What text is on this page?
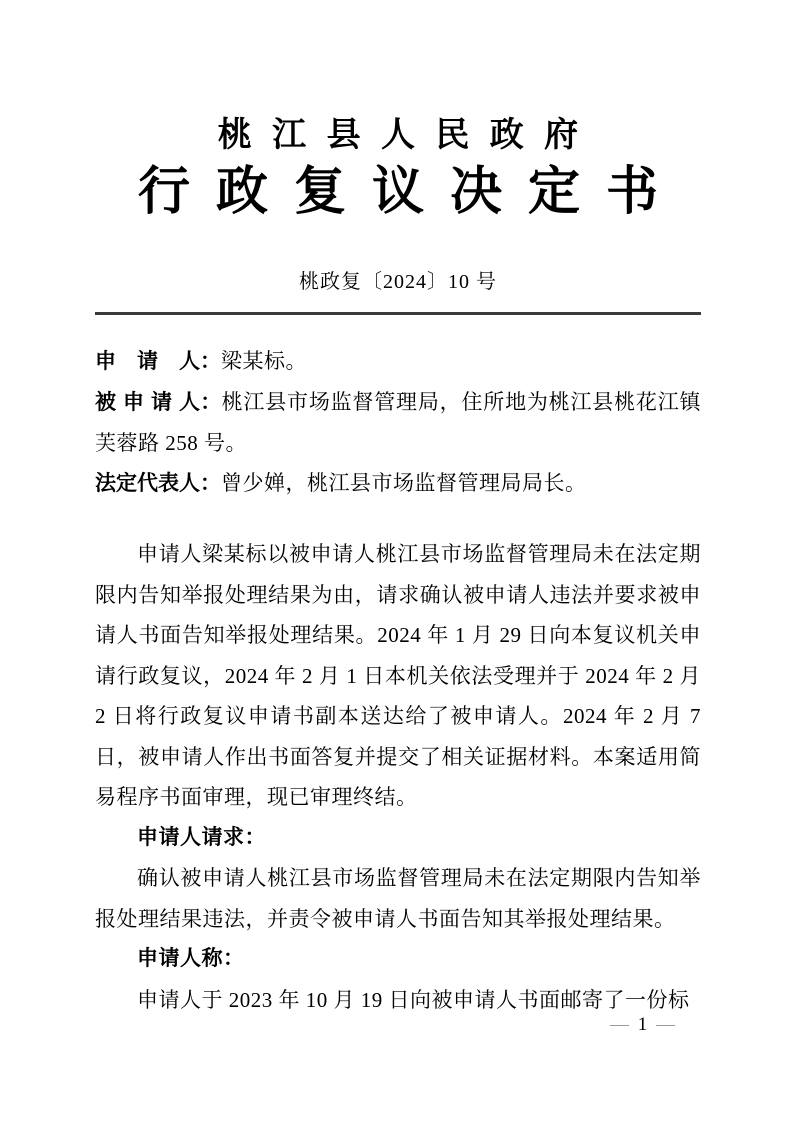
桃江县人民政府
行政复议决定书
桃政复〔2024〕10 号

申请人：梁某标。

被申请人：桃江县市场监督管理局，住所地为桃江县桃花江镇芙蓉路 258 号。

法定代表人：曾少婵，桃江县市场监督管理局局长。

申请人梁某标以被申请人桃江县市场监督管理局未在法定期限内告知举报处理结果为由，请求确认被申请人违法并要求被申请人书面告知举报处理结果。2024 年 1 月 29 日向本复议机关申请行政复议，2024 年 2 月 1 日本机关依法受理并于 2024 年 2 月 2 日将行政复议申请书副本送达给了被申请人。2024 年 2 月 7 日，被申请人作出书面答复并提交了相关证据材料。本案适用简易程序书面审理，现已审理终结。

申请人请求：

确认被申请人桃江县市场监督管理局未在法定期限内告知举报处理结果违法，并责令被申请人书面告知其举报处理结果。

申请人称：

申请人于 2023 年 10 月 19 日向被申请人书面邮寄了一份标

— 1 —
